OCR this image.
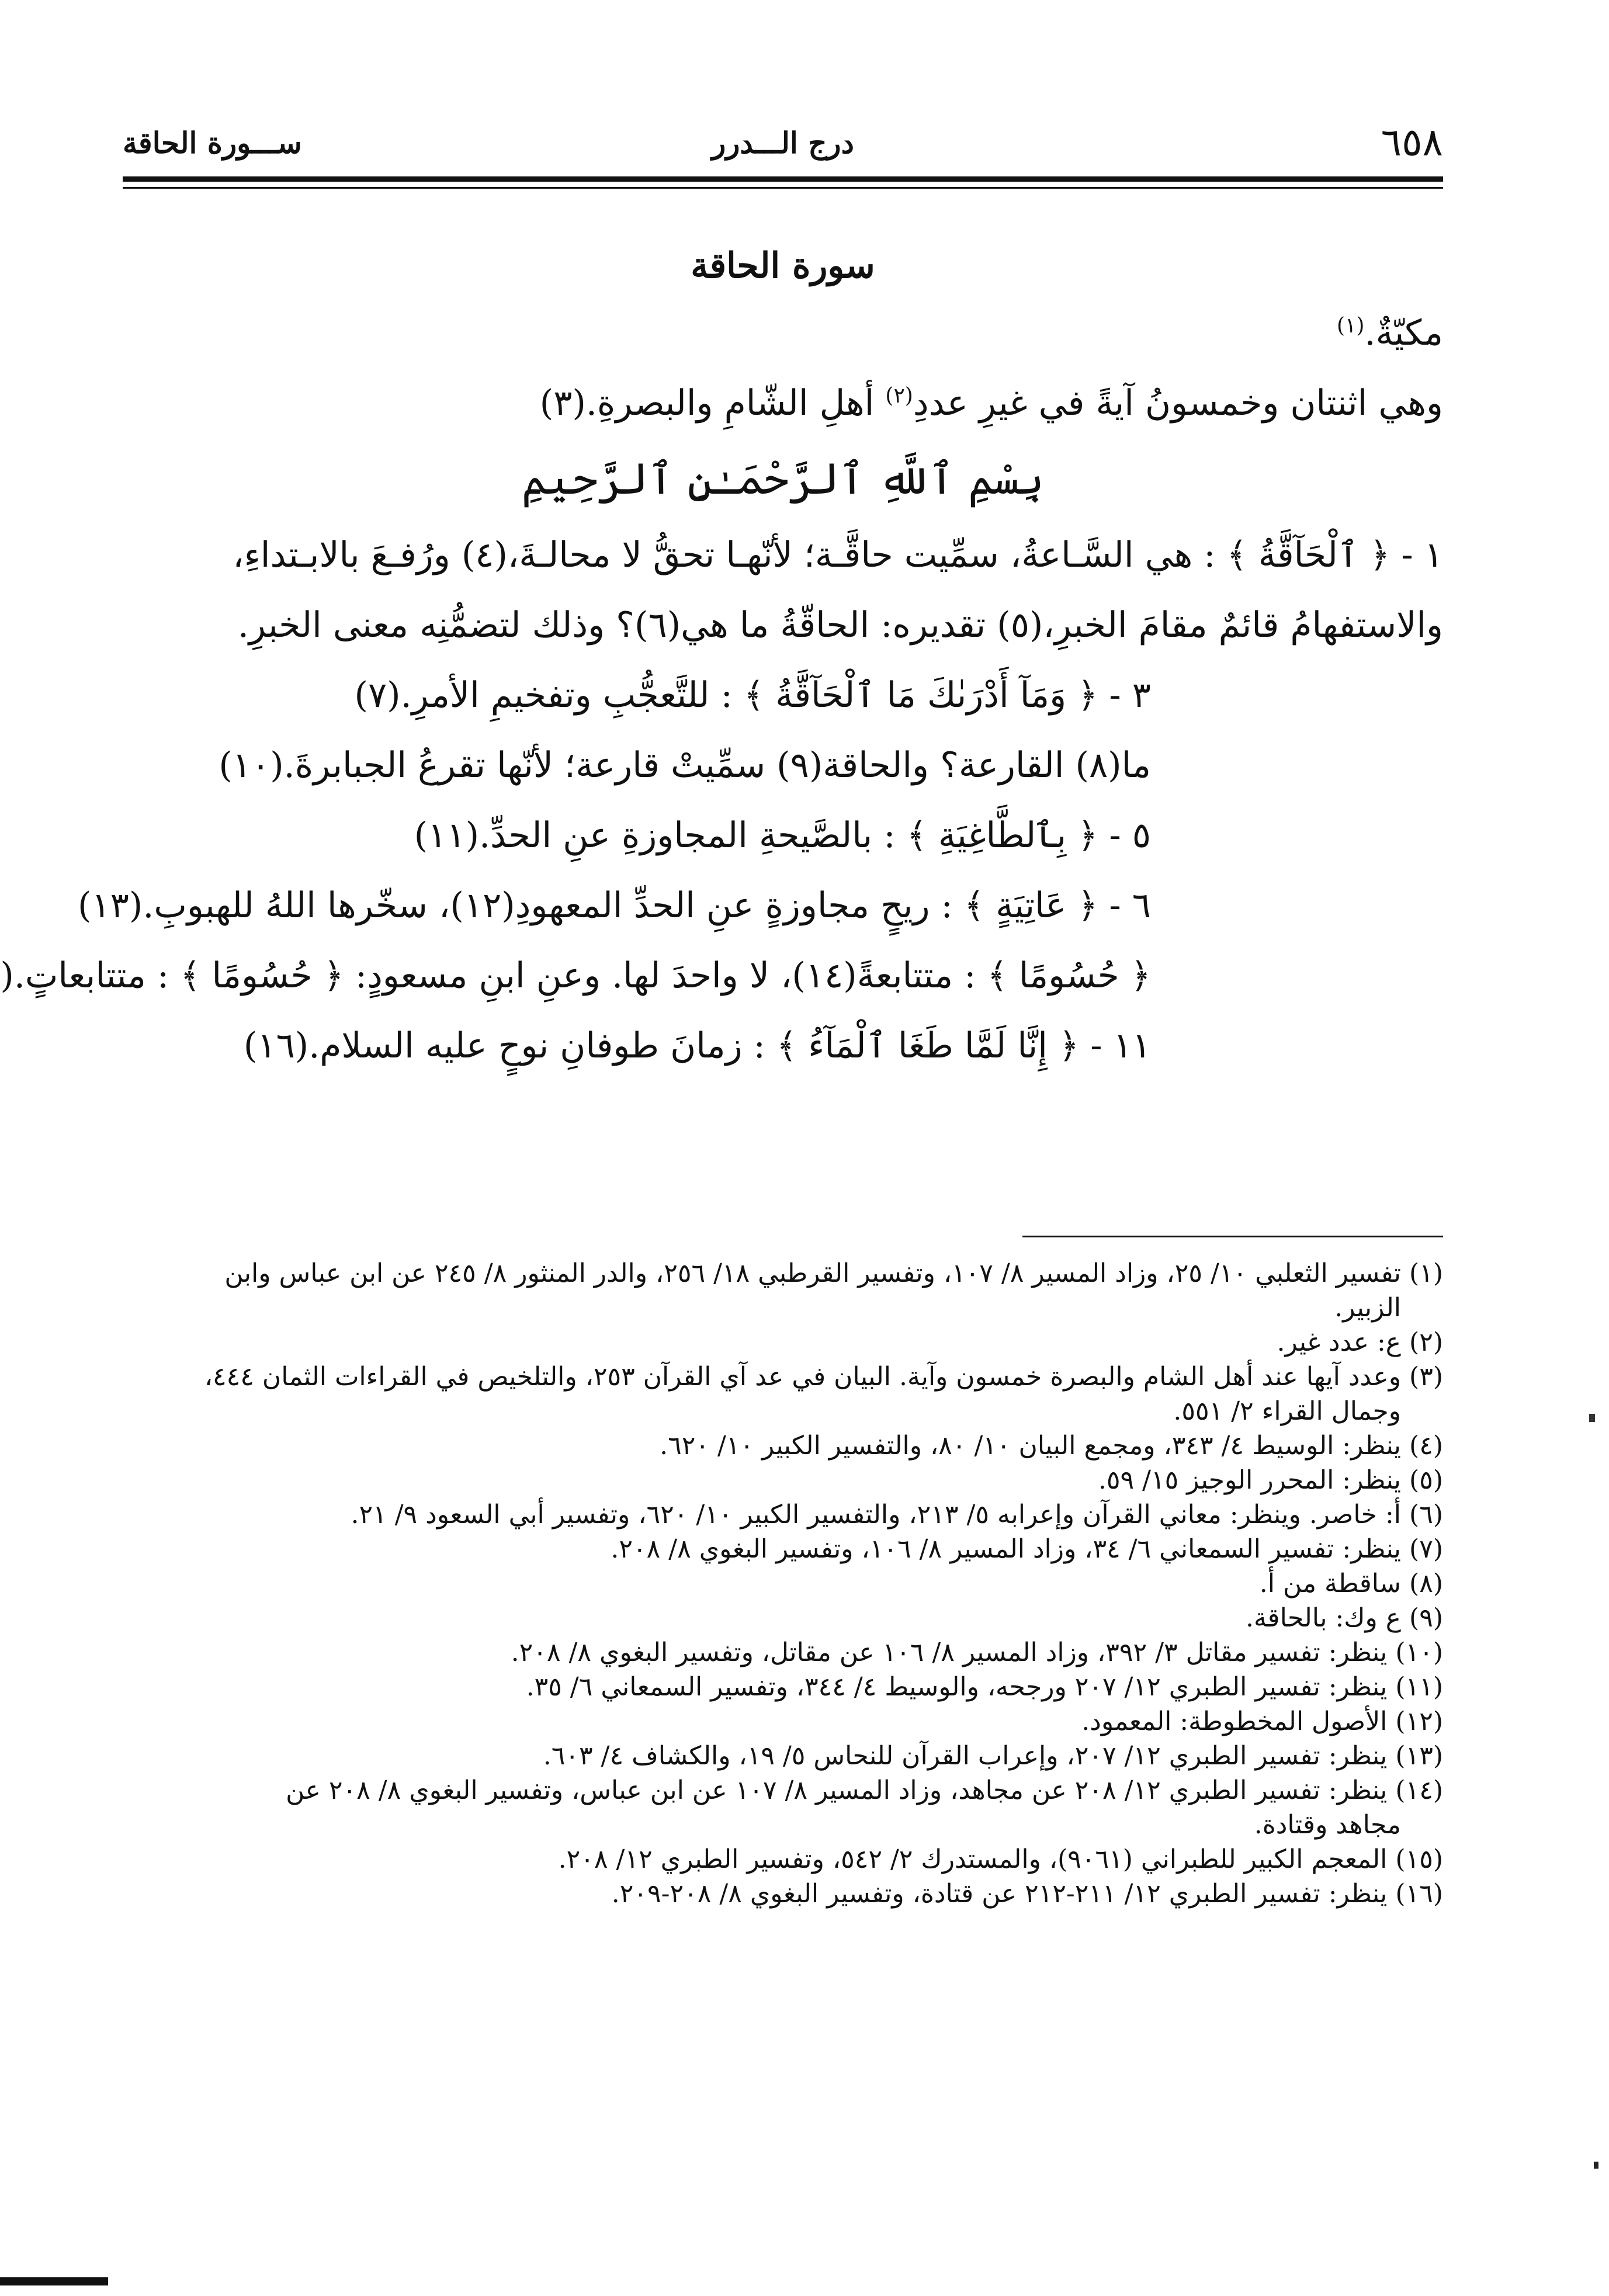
٦٥٨
درج الـــدرر
ســـورة الحاقة
سورة الحاقة
مكيّةٌ.$^{(١)}$
وهي اثنتان وخمسونُ آيةً في غيرِ عددِ$^{(٢)}$ أهلِ الشّامِ والبصرةِ.(٣)
بِسْمِ ٱللَّهِ ٱلرَّحْمَـٰنِ ٱلرَّحِيمِ
١ - ﴿ ٱلْحَآقَّةُ ﴾ : هي السَّـاعةُ، سمِّيت حاقَّـة؛ لأنّهـا تحقُّ لا محالـةَ،(٤) ورُفـعَ بالابـتداءِ،
والاستفهامُ قائمٌ مقامَ الخبرِ،(٥) تقديره: الحاقّةُ ما هي(٦)؟ وذلك لتضمُّنِه معنى الخبرِ.
٣ - ﴿ وَمَآ أَدْرَىٰكَ مَا ٱلْحَآقَّةُ ﴾ : للتَّعجُّبِ وتفخيمِ الأمرِ.(٧)
ما(٨) القارعة؟ والحاقة(٩) سمِّيتْ قارعة؛ لأنّها تقرعُ الجبابرةَ.(١٠)
٥ - ﴿ بِٱلطَّاغِيَةِ ﴾ : بالصَّيحةِ المجاوزةِ عنِ الحدِّ.(١١)
٦ - ﴿ عَاتِيَةٍ ﴾ : ريحٍ مجاوزةٍ عنِ الحدِّ المعهودِ(١٢)، سخّرها اللهُ للهبوبِ.(١٣)
﴿ حُسُومًا ﴾ : متتابعةً(١٤)، لا واحدَ لها. وعنِ ابنِ مسعودٍ: ﴿ حُسُومًا ﴾ : متتابعاتٍ.(
١١ - ﴿ إِنَّا لَمَّا طَغَا ٱلْمَآءُ ﴾ : زمانَ طوفانِ نوحٍ عليه السلام.(١٦)
(١) تفسير الثعلبي ١٠/ ٢٥، وزاد المسير ٨/ ١٠٧، وتفسير القرطبي ١٨/ ٢٥٦، والدر المنثور ٨/ ٢٤٥ عن ابن عباس وابن
الزبير.
(٢) ع: عدد غير.
(٣) وعدد آيها عند أهل الشام والبصرة خمسون وآية. البيان في عد آي القرآن ٢٥٣، والتلخيص في القراءات الثمان ٤٤٤،
وجمال القراء ٢/ ٥٥١.
(٤) ينظر: الوسيط ٤/ ٣٤٣، ومجمع البيان ١٠/ ٨٠، والتفسير الكبير ١٠/ ٦٢٠.
(٥) ينظر: المحرر الوجيز ١٥/ ٥٩.
(٦) أ: خاصر. وينظر: معاني القرآن وإعرابه ٥/ ٢١٣، والتفسير الكبير ١٠/ ٦٢٠، وتفسير أبي السعود ٩/ ٢١.
(٧) ينظر: تفسير السمعاني ٦/ ٣٤، وزاد المسير ٨/ ١٠٦، وتفسير البغوي ٨/ ٢٠٨.
(٨) ساقطة من أ.
(٩) ع وك: بالحاقة.
(١٠) ينظر: تفسير مقاتل ٣/ ٣٩٢، وزاد المسير ٨/ ١٠٦ عن مقاتل، وتفسير البغوي ٨/ ٢٠٨.
(١١) ينظر: تفسير الطبري ١٢/ ٢٠٧ ورجحه، والوسيط ٤/ ٣٤٤، وتفسير السمعاني ٦/ ٣٥.
(١٢) الأصول المخطوطة: المعمود.
(١٣) ينظر: تفسير الطبري ١٢/ ٢٠٧، وإعراب القرآن للنحاس ٥/ ١٩، والكشاف ٤/ ٦٠٣.
(١٤) ينظر: تفسير الطبري ١٢/ ٢٠٨ عن مجاهد، وزاد المسير ٨/ ١٠٧ عن ابن عباس، وتفسير البغوي ٨/ ٢٠٨ عن
مجاهد وقتادة.
(١٥) المعجم الكبير للطبراني (٩٠٦١)، والمستدرك ٢/ ٥٤٢، وتفسير الطبري ١٢/ ٢٠٨.
(١٦) ينظر: تفسير الطبري ١٢/ ٢١١-٢١٢ عن قتادة، وتفسير البغوي ٨/ ٢٠٨-٢٠٩.
